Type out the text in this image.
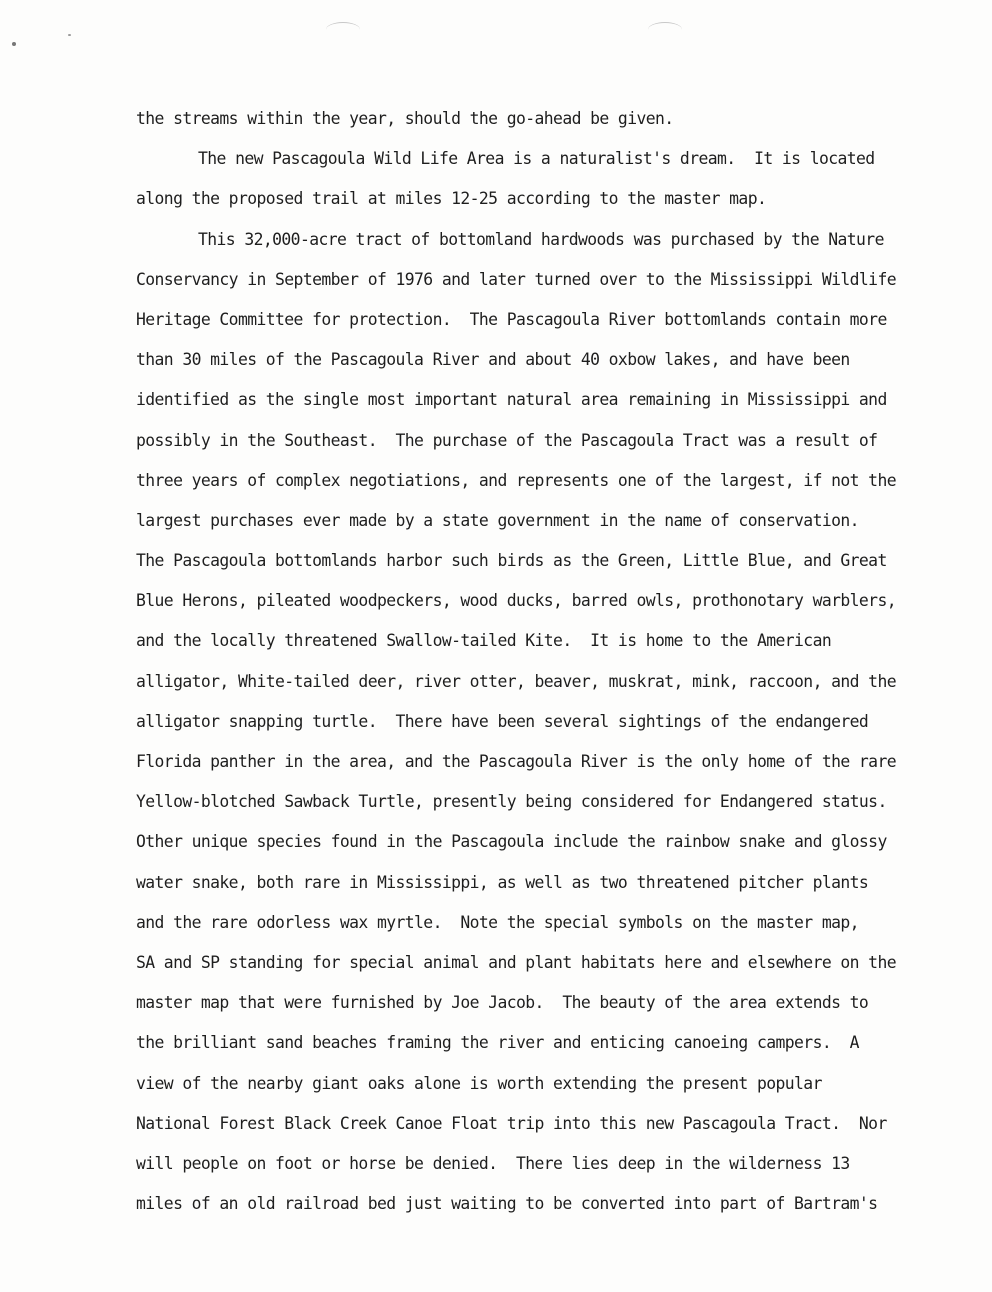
the streams within the year, should the go-ahead be given.
The new Pascagoula Wild Life Area is a naturalist's dream.  It is located
along the proposed trail at miles 12-25 according to the master map.
This 32,000-acre tract of bottomland hardwoods was purchased by the Nature
Conservancy in September of 1976 and later turned over to the Mississippi Wildlife
Heritage Committee for protection.  The Pascagoula River bottomlands contain more
than 30 miles of the Pascagoula River and about 40 oxbow lakes, and have been
identified as the single most important natural area remaining in Mississippi and
possibly in the Southeast.  The purchase of the Pascagoula Tract was a result of
three years of complex negotiations, and represents one of the largest, if not the
largest purchases ever made by a state government in the name of conservation.
The Pascagoula bottomlands harbor such birds as the Green, Little Blue, and Great
Blue Herons, pileated woodpeckers, wood ducks, barred owls, prothonotary warblers,
and the locally threatened Swallow-tailed Kite.  It is home to the American
alligator, White-tailed deer, river otter, beaver, muskrat, mink, raccoon, and the
alligator snapping turtle.  There have been several sightings of the endangered
Florida panther in the area, and the Pascagoula River is the only home of the rare
Yellow-blotched Sawback Turtle, presently being considered for Endangered status.
Other unique species found in the Pascagoula include the rainbow snake and glossy
water snake, both rare in Mississippi, as well as two threatened pitcher plants
and the rare odorless wax myrtle.  Note the special symbols on the master map,
SA and SP standing for special animal and plant habitats here and elsewhere on the
master map that were furnished by Joe Jacob.  The beauty of the area extends to
the brilliant sand beaches framing the river and enticing canoeing campers.  A
view of the nearby giant oaks alone is worth extending the present popular
National Forest Black Creek Canoe Float trip into this new Pascagoula Tract.  Nor
will people on foot or horse be denied.  There lies deep in the wilderness 13
miles of an old railroad bed just waiting to be converted into part of Bartram's
